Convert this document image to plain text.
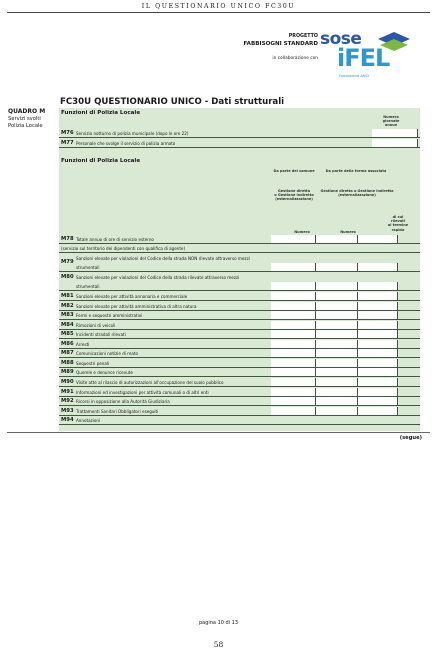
IL QUESTIONARIO UNICO FC30U
PROGETTO
FABBISOGNI STANDARD
in collaborazione con
sose
iFEL
Fondazione ANCI
QUADRO M
Servizi svolti
Polizia Locale
FC30U QUESTIONARIO UNICO - Dati strutturali
Funzioni di Polizia Locale
Numero
giornate
annue
M76 Servizio notturno di polizia municipale (dopo le ore 22)
M77 Personale che svolge il servizio di polizia armato
Funzioni di Polizia Locale
Da parte del comune	Da parte della forma associata
Gestione diretta
o Gestione indiretta
(esternalizzazione)
Gestione diretta o Gestione indiretta
(esternalizzazione)
di cui
rilevati
al termine
rapido
Numero	Numero
M78 Totale annuo di ore di servizio esterno
(servizio sul territorio dei dipendenti con qualifica di agente)
M79
Sanzioni elevate per violazioni del Codice della strada NON rilevate attraverso mezzi
strumentali
M80 Sanzioni elevate per violazioni del Codice della strada rilevate attraverso mezzi
strumentali
M81 Sanzioni elevate per attività annonaria e commerciale
M82 Sanzioni elevate per attività amministrativa di altra natura
M83 Fermi e sequestri amministrativi
M84 Rimozioni di veicoli
M85 Incidenti stradali rilevati
M86 Arresti
M87 Comunicazioni notizie di reato
M88 Sequestri penali
M89 Querele e denunce ricevute
M90 Visite atte al rilascio di autorizzazioni all'occupazione del suolo pubblico
M91 Informazioni ed investigazioni per attività comunali o di altri enti
M92 Ricorsi in opposizione alla Autorità Giudiziaria
M93 Trattamenti Sanitari Obbligatori eseguiti
M94 Annotazioni
(segue)
pagina 10 di 13
58
